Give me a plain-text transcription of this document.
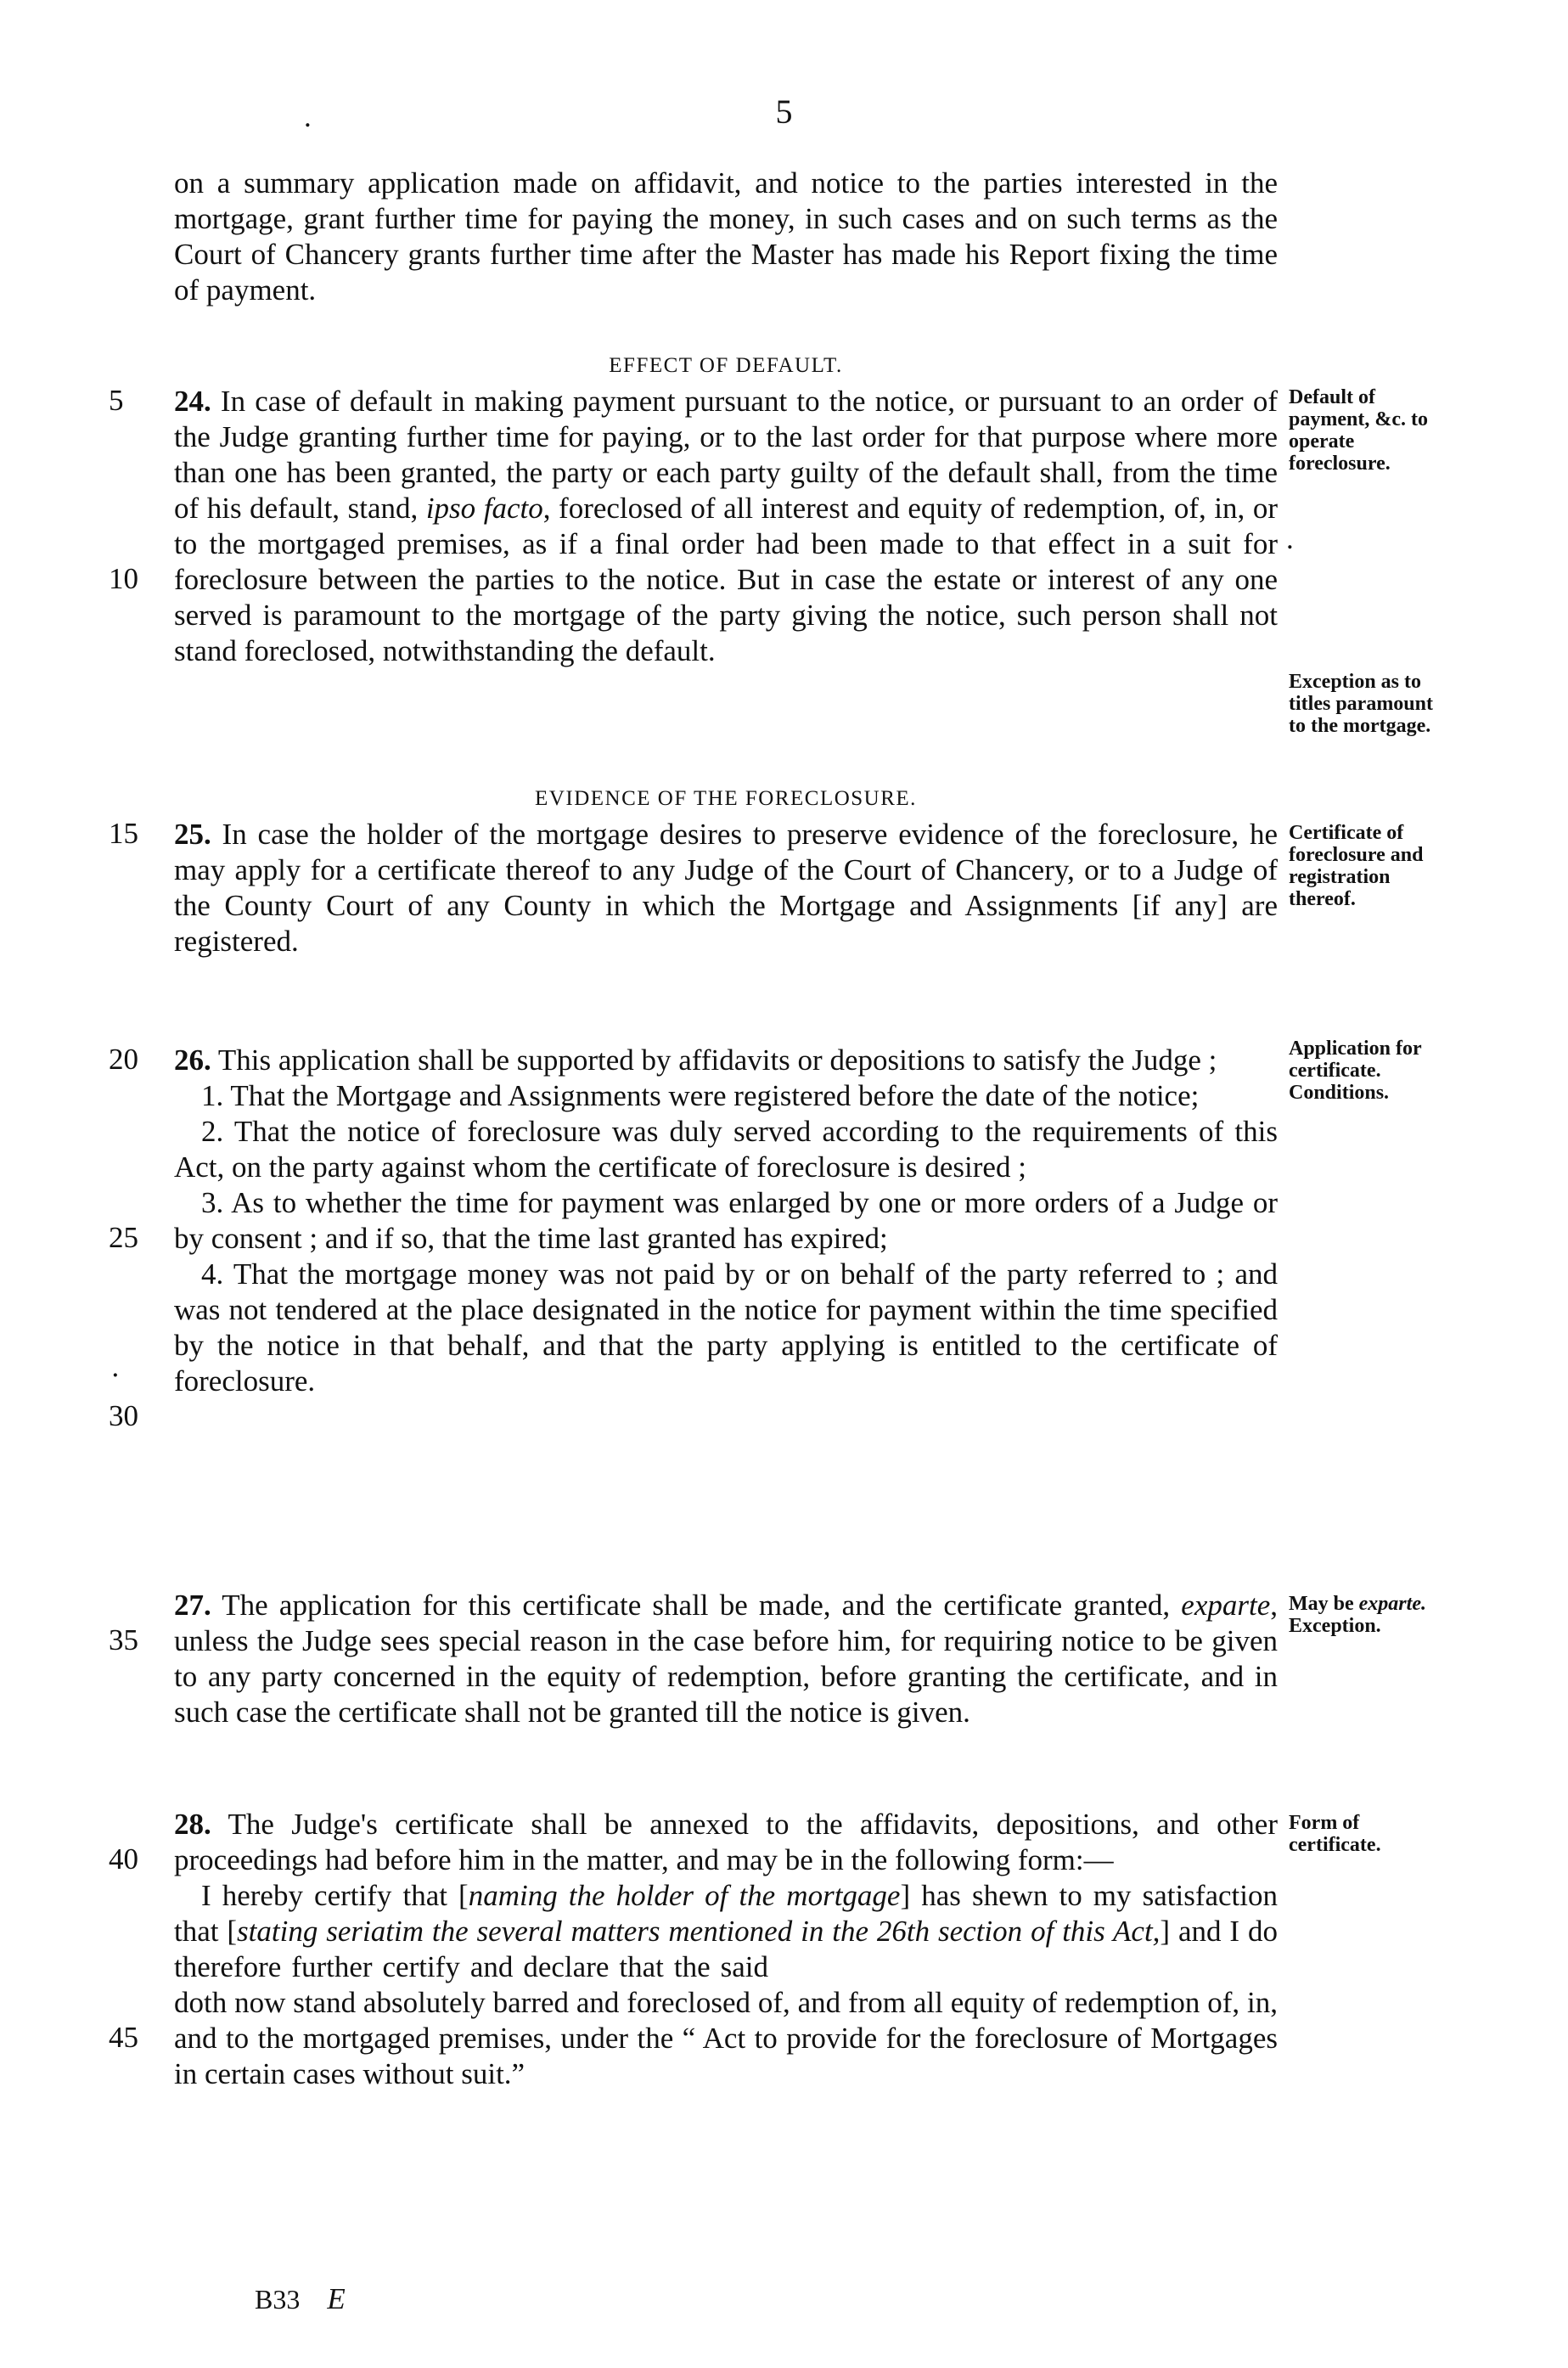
5

on a summary application made on affidavit, and notice to the parties interested in the mortgage, grant further time for paying the money, in such cases and on such terms as the Court of Chancery grants further time after the Master has made his Report fixing the time of payment.

EFFECT OF DEFAULT.

24. In case of default in making payment pursuant to the notice, or pursuant to an order of the Judge granting further time for paying, or to the last order for that purpose where more than one has been granted, the party or each party guilty of the default shall, from the time of his default, stand, ipso facto, foreclosed of all interest and equity of redemption, of, in, or to the mortgaged premises, as if a final order had been made to that effect in a suit for foreclosure between the parties to the notice. But in case the estate or interest of any one served is paramount to the mortgage of the party giving the notice, such person shall not stand foreclosed, notwithstanding the default.

EVIDENCE OF THE FORECLOSURE.

25. In case the holder of the mortgage desires to preserve evidence of the foreclosure, he may apply for a certificate thereof to any Judge of the Court of Chancery, or to a Judge of the County Court of any County in which the Mortgage and Assignments [if any] are registered.

26. This application shall be supported by affidavits or depositions to satisfy the Judge ;

1. That the Mortgage and Assignments were registered before the date of the notice;

2. That the notice of foreclosure was duly served according to the requirements of this Act, on the party against whom the certificate of foreclosure is desired ;

3. As to whether the time for payment was enlarged by one or more orders of a Judge or by consent ; and if so, that the time last granted has expired;

4. That the mortgage money was not paid by or on behalf of the party referred to ; and was not tendered at the place designated in the notice for payment within the time specified by the notice in that behalf, and that the party applying is entitled to the certificate of foreclosure.

27. The application for this certificate shall be made, and the certificate granted, exparte, unless the Judge sees special reason in the case before him, for requiring notice to be given to any party concerned in the equity of redemption, before granting the certificate, and in such case the certificate shall not be granted till the notice is given.

28. The Judge's certificate shall be annexed to the affidavits, depositions, and other proceedings had before him in the matter, and may be in the following form:—

I hereby certify that [naming the holder of the mortgage] has shewn to my satisfaction that [stating seriatim the several matters mentioned in the 26th section of this Act,] and I do therefore further certify and declare that the saiddoth now stand absolutely barred and foreclosed of, and from all equity of redemption of, in, and to the mortgaged premises, under the “ Act to provide for the foreclosure of Mortgages in certain cases without suit.”

5
10
15
20
25
30
35
40
45
Default of payment, &c. to operate foreclosure.
Exception as to titles paramount to the mortgage.
Certificate of foreclosure and registration thereof.
Application for certificate. Conditions.
May be exparte. Exception.
Form of certificate.
.
.
·
B33 E
